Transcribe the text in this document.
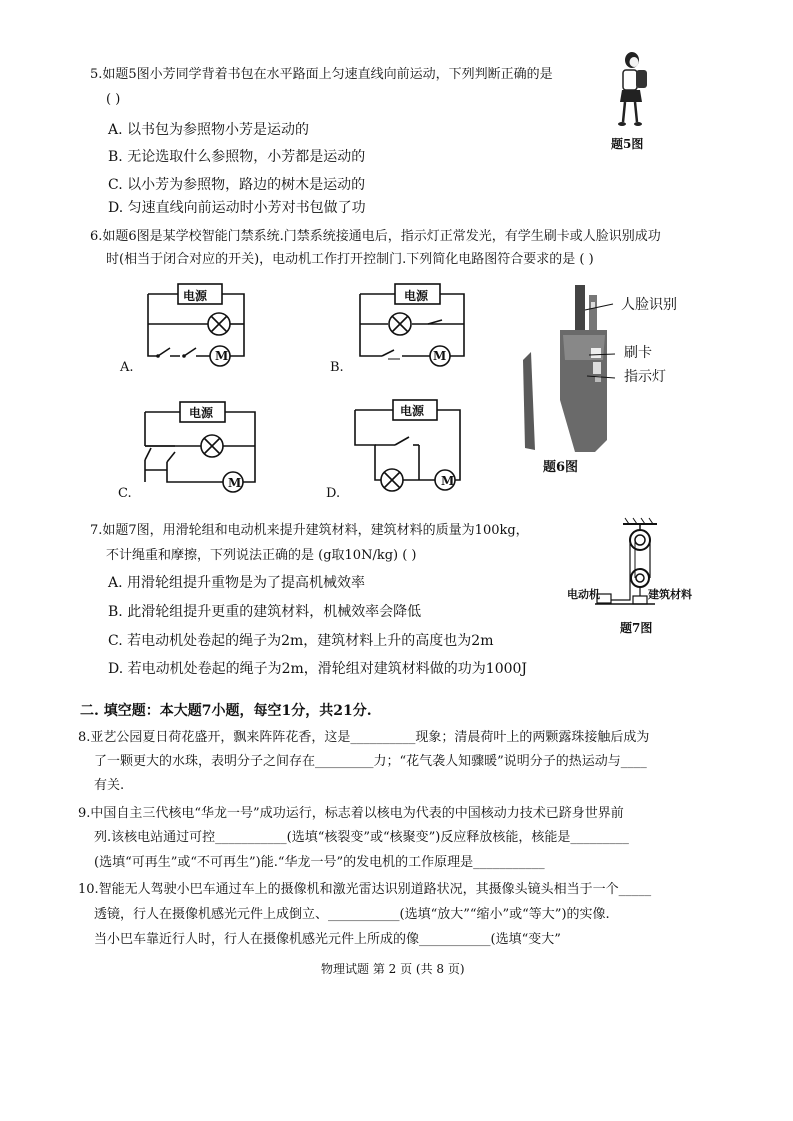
5.如题5图小芳同学背着书包在水平路面上匀速直线向前运动，下列判断正确的是
( )
A. 以书包为参照物小芳是运动的
B. 无论选取什么参照物，小芳都是运动的
C. 以小芳为参照物，路边的树木是运动的
D. 匀速直线向前运动时小芳对书包做了功
题5图
6.如题6图是某学校智能门禁系统.门禁系统接通电后，指示灯正常发光，有学生刷卡或人脸识别成功
时(相当于闭合对应的开关)，电动机工作打开控制门.下列简化电路图符合要求的是 ( )
电源
M
A.
电源
M
B.
电源
M
C.
电源
M
D.
人脸识别
刷卡
指示灯
题6图
7.如题7图，用滑轮组和电动机来提升建筑材料，建筑材料的质量为100kg，
不计绳重和摩擦，下列说法正确的是 (g取10N/kg) ( )
A. 用滑轮组提升重物是为了提高机械效率
B. 此滑轮组提升更重的建筑材料，机械效率会降低
C. 若电动机处卷起的绳子为2m，建筑材料上升的高度也为2m
D. 若电动机处卷起的绳子为2m，滑轮组对建筑材料做的功为1000J
电动机	建筑材料
题7图
二. 填空题：本大题7小题，每空1分，共21分.
8.亚艺公园夏日荷花盛开，飘来阵阵花香，这是__________现象；清晨荷叶上的两颗露珠接触后成为
了一颗更大的水珠，表明分子之间存在_________力；“花气袭人知骤暖”说明分子的热运动与____
有关.
9.中国自主三代核电“华龙一号”成功运行，标志着以核电为代表的中国核动力技术已跻身世界前
列.该核电站通过可控___________(选填“核裂变”或“核聚变”)反应释放核能，核能是_________
(选填“可再生”或“不可再生”)能.“华龙一号”的发电机的工作原理是___________
10.智能无人驾驶小巴车通过车上的摄像机和激光雷达识别道路状况，其摄像头镜头相当于一个_____
透镜，行人在摄像机感光元件上成倒立、___________(选填“放大”“缩小”或“等大”)的实像.
当小巴车靠近行人时，行人在摄像机感光元件上所成的像___________(选填“变大”
物理试题 第 2 页 (共 8 页)
